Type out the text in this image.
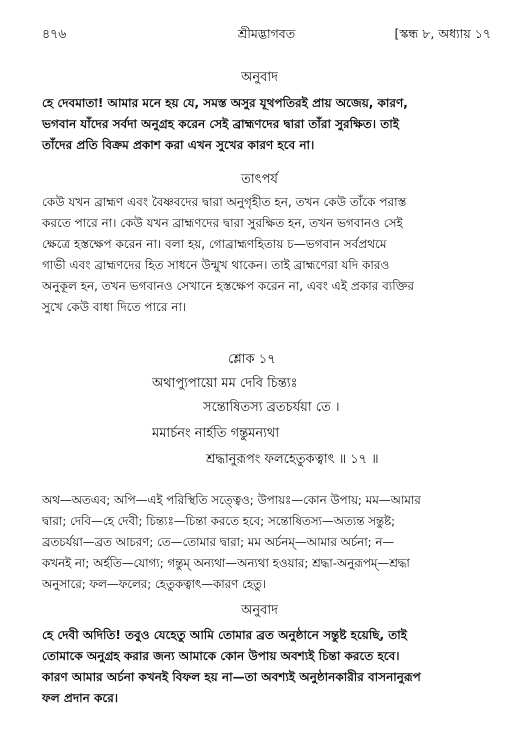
৪৭৬	শ্রীমদ্ভাগবত	[স্কন্ধ ৮, অধ্যায় ১৭
অনুবাদ
হে দেবমাতা! আমার মনে হয় যে, সমস্ত অসুর যূথপতিরই প্রায় অজেয়, কারণ,
ভগবান যাঁদের সর্বদা অনুগ্রহ করেন সেই ব্রাহ্মণদের দ্বারা তাঁরা সুরক্ষিত। তাই
তাঁদের প্রতি বিক্রম প্রকাশ করা এখন সুখের কারণ হবে না।
তাৎপর্য
কেউ যখন ব্রাহ্মণ এবং বৈষ্ণবদের দ্বারা অনুগৃহীত হন, তখন কেউ তাঁকে পরাস্ত
করতে পারে না। কেউ যখন ব্রাহ্মণদের দ্বারা সুরক্ষিত হন, তখন ভগবানও সেই
ক্ষেত্রে হস্তক্ষেপ করেন না। বলা হয়, গোব্রাহ্মণহিতায় চ—ভগবান সর্বপ্রথমে
গাভী এবং ব্রাহ্মণদের হিত সাধনে উন্মুখ থাকেন। তাই ব্রাহ্মণেরা যদি কারও
অনুকূল হন, তখন ভগবানও সেখানে হস্তক্ষেপ করেন না, এবং এই প্রকার ব্যক্তির
সুখে কেউ বাধা দিতে পারে না।
শ্লোক ১৭
অথাপ্যুপায়ো মম দেবি চিন্ত্যঃ
সন্তোষিতস্য ব্রতচর্যয়া তে ।
মমার্চনং নার্হতি গন্তুমন্যথা
শ্রদ্ধানুরূপং ফলহেতুকত্বাৎ ॥ ১৭ ॥
অথ—অতএব; অপি—এই পরিস্থিতি সত্ত্বেও; উপায়ঃ—কোন উপায়; মম—আমার
দ্বারা; দেবি—হে দেবী; চিন্ত্যঃ—চিন্তা করতে হবে; সন্তোষিতস্য—অত্যন্ত সন্তুষ্ট;
ব্রতচর্যয়া—ব্রত আচরণ; তে—তোমার দ্বারা; মম অর্চনম্—আমার অর্চনা; ন—
কখনই না; অর্হতি—যোগ্য; গন্তুম্ অন্যথা—অন্যথা হওয়ার; শ্রদ্ধা-অনুরূপম্—শ্রদ্ধা
অনুসারে; ফল—ফলের; হেতুকত্বাৎ—কারণ হেতু।
অনুবাদ
হে দেবী অদিতি! তবুও যেহেতু আমি তোমার ব্রত অনুষ্ঠানে সন্তুষ্ট হয়েছি, তাই
তোমাকে অনুগ্রহ করার জন্য আমাকে কোন উপায় অবশ্যই চিন্তা করতে হবে।
কারণ আমার অর্চনা কখনই বিফল হয় না—তা অবশ্যই অনুষ্ঠানকারীর বাসনানুরূপ
ফল প্রদান করে।
